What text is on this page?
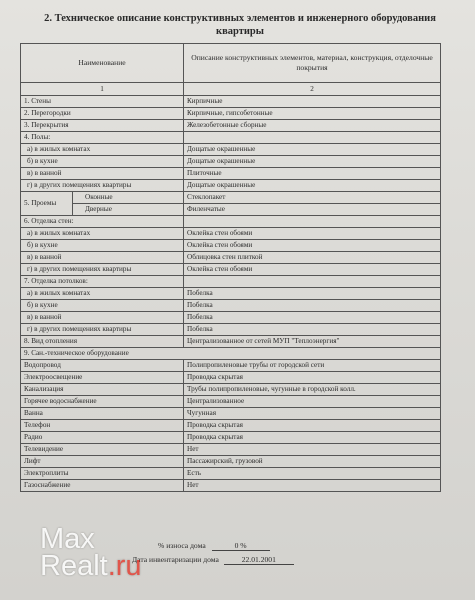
2. Техническое описание конструктивных элементов и инженерного оборудования
квартиры
Наименование		Описание конструктивных элементов, материал, конструкция, отделочные покрытия
1		2
1. Стены		Кирпичные
2. Перегородки		Кирпичные, гипсобетонные
3. Перекрытия		Железобетонные сборные
4. Полы:		
а) в жилых комнатах		Дощатые окрашенные
б) в кухне		Дощатые окрашенные
в) в ванной		Плиточные
г) в других помещениях квартиры		Дощатые окрашенные
5. Проемы	Оконные	Стеклопакет
	Дверные	Филенчатые
6. Отделка стен:		
а) в жилых комнатах		Оклейка стен обоями
б) в кухне		Оклейка стен обоями
в) в ванной		Облицовка стен плиткой
г) в других помещениях квартиры		Оклейка стен обоями
7. Отделка потолков:		
а) в жилых комнатах		Побелка
б) в кухне		Побелка
в) в ванной		Побелка
г) в других помещениях квартиры		Побелка
8. Вид отопления		Централизованное от сетей МУП "Теплоэнергия"
9. Сан.-техническое оборудование		
Водопровод		Полипропиленовые трубы от городской сети
Электроосвещение		Проводка скрытая
Канализация		Трубы полипропиленовые, чугунные в городской колл.
Горячее водоснабжение		Централизованное
Ванна		Чугунная
Телефон		Проводка скрытая
Радио		Проводка скрытая
Телевидение		Нет
Лифт		Пассажирский, грузовой
Электроплиты		Есть
Газоснабжение		Нет
% износа дома	0 %
Дата инвентаризации дома	22.01.2001
Max
Realt.ru
